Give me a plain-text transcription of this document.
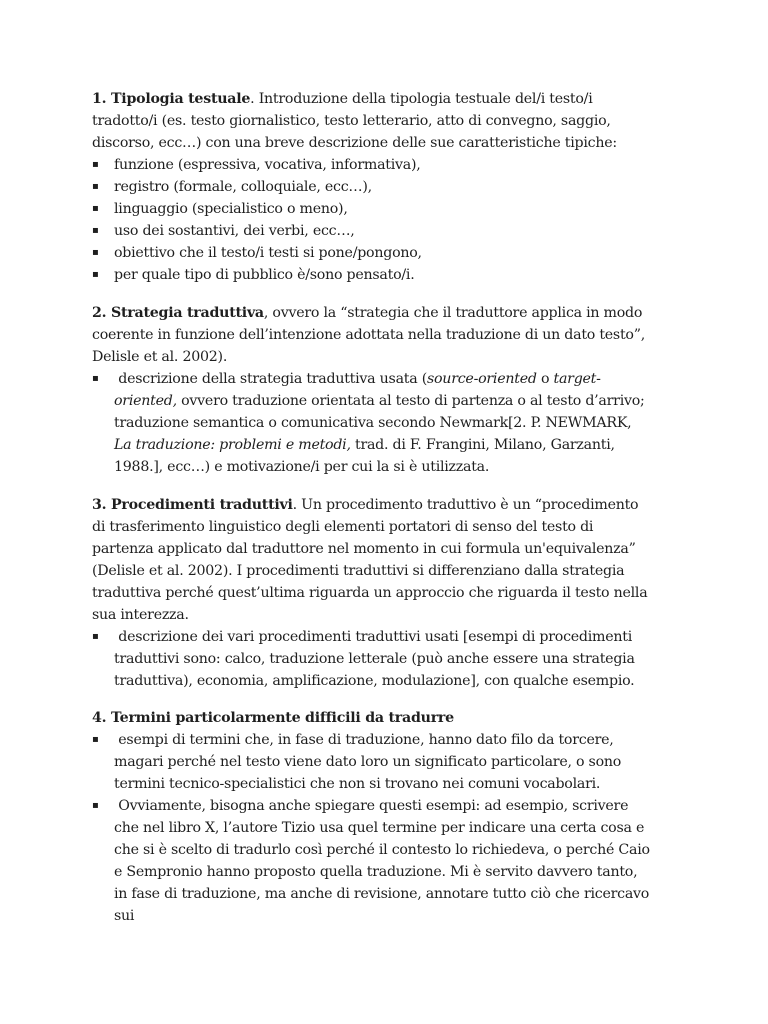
1. Tipologia testuale. Introduzione della tipologia testuale del/i testo/i tradotto/i (es. testo giornalistico, testo letterario, atto di convegno, saggio, discorso, ecc…) con una breve descrizione delle sue caratteristiche tipiche:

▪ funzione (espressiva, vocativa, informativa),
▪ registro (formale, colloquiale, ecc…),
▪ linguaggio (specialistico o meno),
▪ uso dei sostantivi, dei verbi, ecc…,
▪ obiettivo che il testo/i testi si pone/pongono,
▪ per quale tipo di pubblico è/sono pensato/i.

2. Strategia traduttiva, ovvero la “strategia che il traduttore applica in modo coerente in funzione dell’intenzione adottata nella traduzione di un dato testo”, Delisle et al. 2002).

▪ descrizione della strategia traduttiva usata (source-oriented o target-oriented, ovvero traduzione orientata al testo di partenza o al testo d’arrivo; traduzione semantica o comunicativa secondo Newmark[2. P. NEWMARK, La traduzione: problemi e metodi, trad. di F. Frangini, Milano, Garzanti, 1988.], ecc…) e motivazione/i per cui la si è utilizzata.

3. Procedimenti traduttivi. Un procedimento traduttivo è un “procedimento di trasferimento linguistico degli elementi portatori di senso del testo di partenza applicato dal traduttore nel momento in cui formula un'equivalenza” (Delisle et al. 2002). I procedimenti traduttivi si differenziano dalla strategia traduttiva perché quest’ultima riguarda un approccio che riguarda il testo nella sua interezza.

▪ descrizione dei vari procedimenti traduttivi usati [esempi di procedimenti traduttivi sono: calco, traduzione letterale (può anche essere una strategia traduttiva), economia, amplificazione, modulazione], con qualche esempio.

4. Termini particolarmente difficili da tradurre

▪ esempi di termini che, in fase di traduzione, hanno dato filo da torcere, magari perché nel testo viene dato loro un significato particolare, o sono termini tecnico-specialistici che non si trovano nei comuni vocabolari.
▪ Ovviamente, bisogna anche spiegare questi esempi: ad esempio, scrivere che nel libro X, l’autore Tizio usa quel termine per indicare una certa cosa e che si è scelto di tradurlo così perché il contesto lo richiedeva, o perché Caio e Sempronio hanno proposto quella traduzione. Mi è servito davvero tanto, in fase di traduzione, ma anche di revisione, annotare tutto ciò che ricercavo sui
